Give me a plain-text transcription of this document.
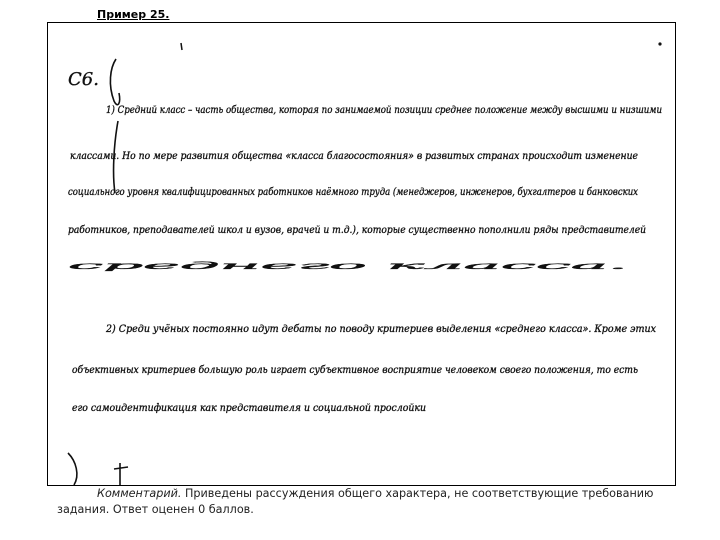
Пример 25.
С6.
1) Средний класс – часть общества, которая по занимаемой позиции среднее положение между высшими и низшими
классами. Но по мере развития общества «класса благосостояния» в развитых странах происходит изменение
социального уровня квалифицированных работников наёмного труда (менеджеров, инженеров, бухгалтеров и банковских
работников, преподавателей школ и вузов, врачей и т.д.), которые существенно пополнили ряды представителей
среднего класса.
2) Среди учёных постоянно идут дебаты по поводу критериев выделения «среднего класса». Кроме этих
объективных критериев большую роль играет субъективное восприятие человеком своего положения, то есть
его самоидентификация как представителя и социальной прослойки
Комментарий. Приведены рассуждения общего характера, не соответствующие требованию задания. Ответ оценен 0 баллов.
